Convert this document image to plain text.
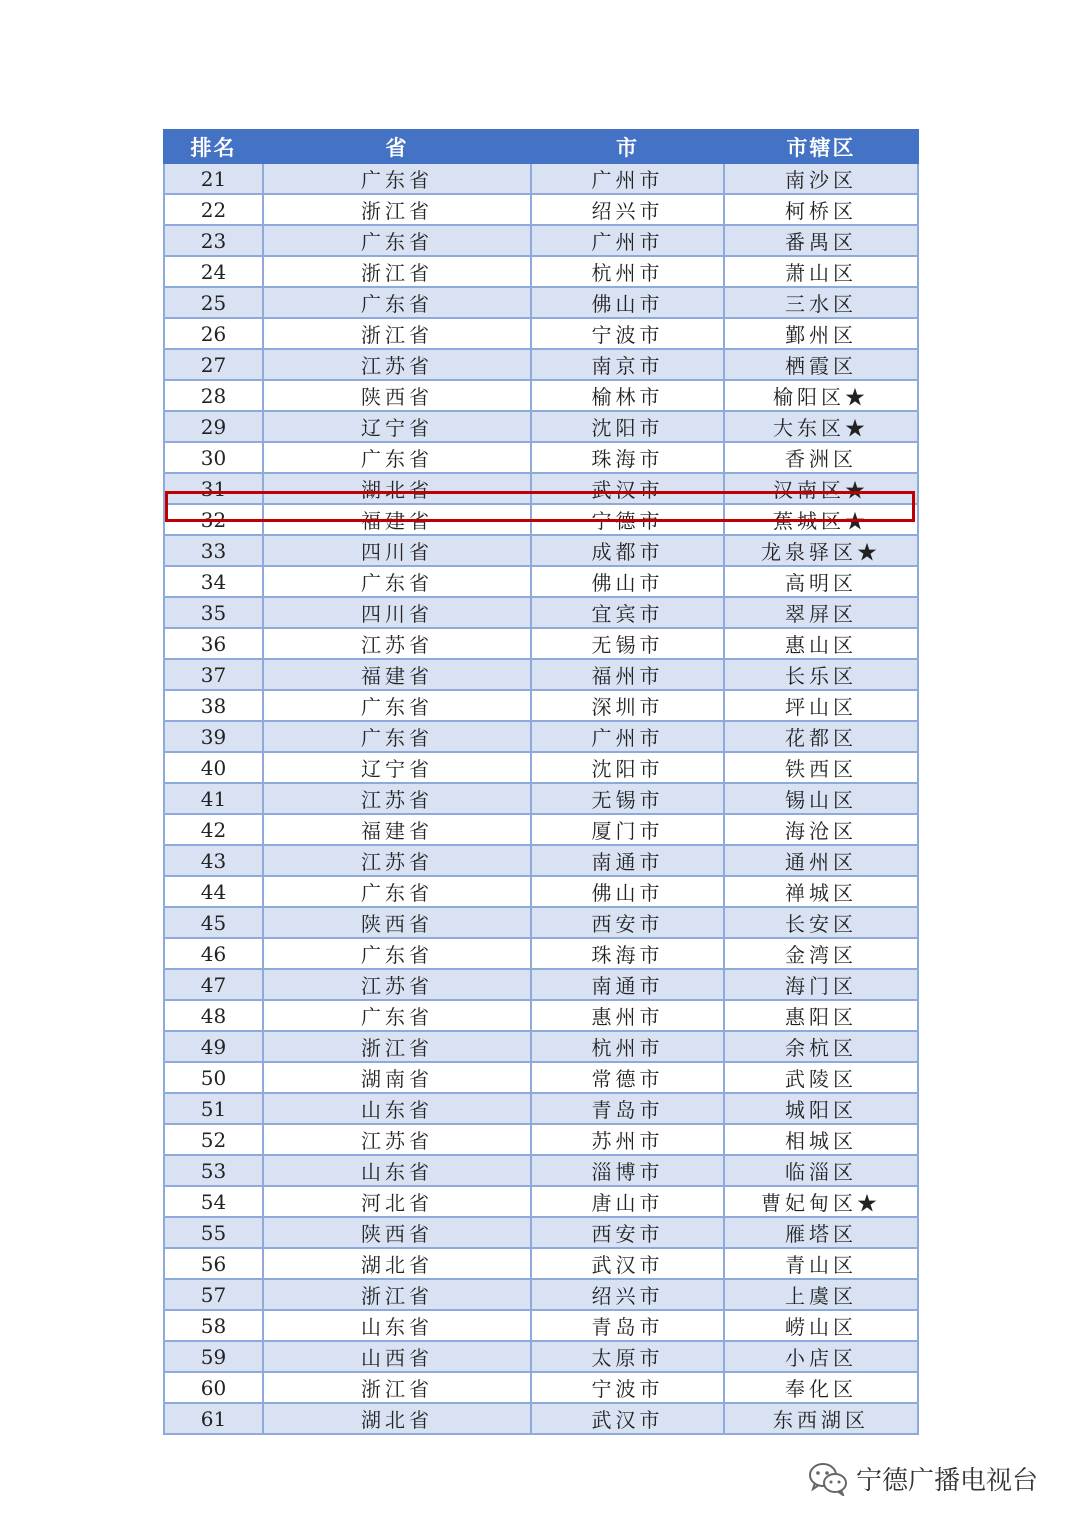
排名	省	市	市辖区
21	广东省	广州市	南沙区
22	浙江省	绍兴市	柯桥区
23	广东省	广州市	番禺区
24	浙江省	杭州市	萧山区
25	广东省	佛山市	三水区
26	浙江省	宁波市	鄞州区
27	江苏省	南京市	栖霞区
28	陕西省	榆林市	榆阳区★
29	辽宁省	沈阳市	大东区★
30	广东省	珠海市	香洲区
31	湖北省	武汉市	汉南区★
32	福建省	宁德市	蕉城区★
33	四川省	成都市	龙泉驿区★
34	广东省	佛山市	高明区
35	四川省	宜宾市	翠屏区
36	江苏省	无锡市	惠山区
37	福建省	福州市	长乐区
38	广东省	深圳市	坪山区
39	广东省	广州市	花都区
40	辽宁省	沈阳市	铁西区
41	江苏省	无锡市	锡山区
42	福建省	厦门市	海沧区
43	江苏省	南通市	通州区
44	广东省	佛山市	禅城区
45	陕西省	西安市	长安区
46	广东省	珠海市	金湾区
47	江苏省	南通市	海门区
48	广东省	惠州市	惠阳区
49	浙江省	杭州市	余杭区
50	湖南省	常德市	武陵区
51	山东省	青岛市	城阳区
52	江苏省	苏州市	相城区
53	山东省	淄博市	临淄区
54	河北省	唐山市	曹妃甸区★
55	陕西省	西安市	雁塔区
56	湖北省	武汉市	青山区
57	浙江省	绍兴市	上虞区
58	山东省	青岛市	崂山区
59	山西省	太原市	小店区
60	浙江省	宁波市	奉化区
61	湖北省	武汉市	东西湖区
宁德广播电视台
